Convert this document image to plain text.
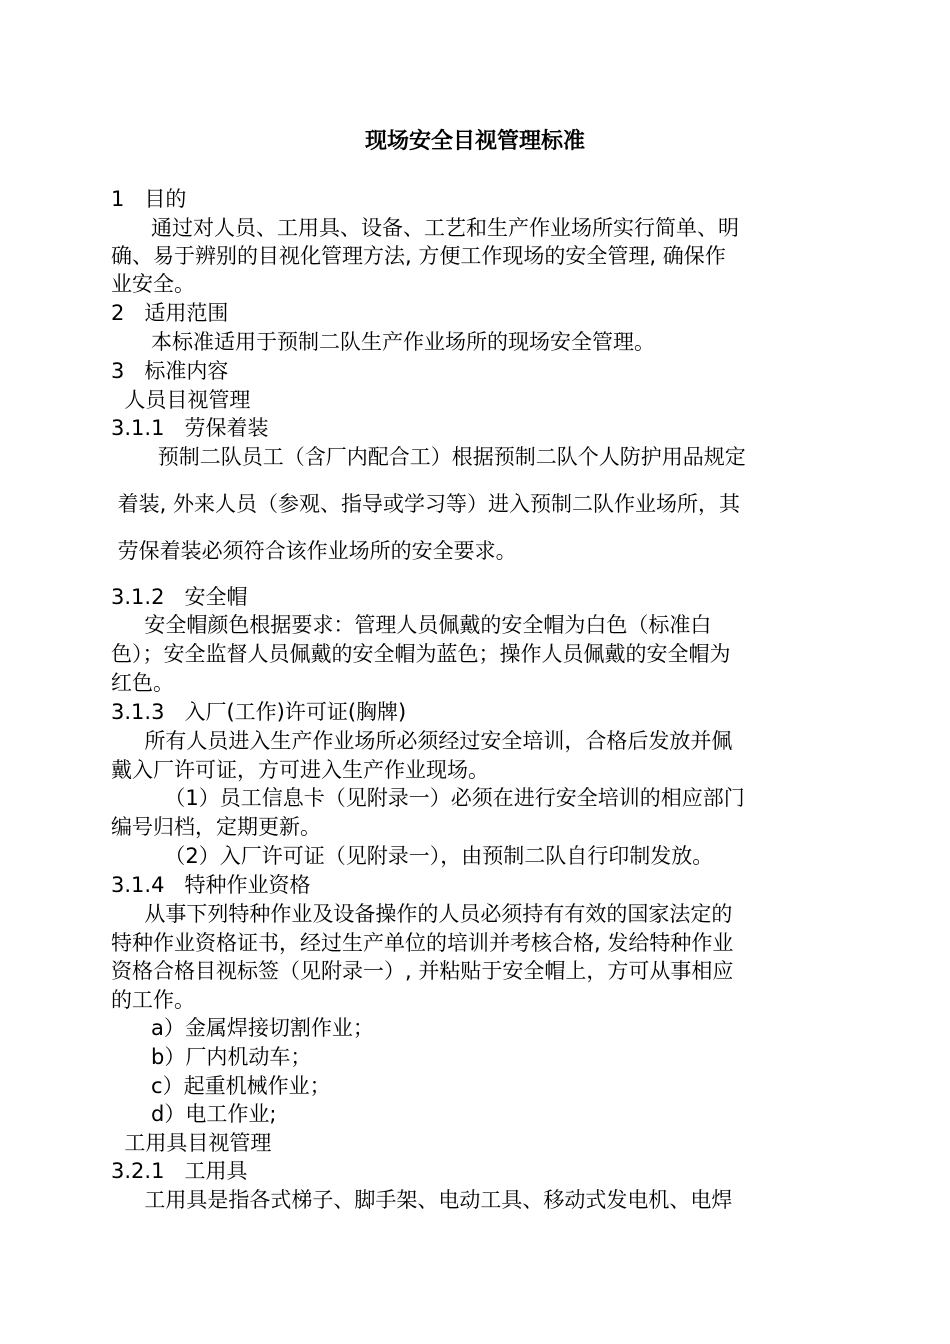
现场安全目视管理标准
1   目的
通过对人员、工用具、设备、工艺和生产作业场所实行简单、明
确、易于辨别的目视化管理方法, 方便工作现场的安全管理, 确保作
业安全。
2   适用范围
本标准适用于预制二队生产作业场所的现场安全管理。
3   标准内容
人员目视管理
3.1.1   劳保着装
预制二队员工（含厂内配合工）根据预制二队个人防护用品规定
着装, 外来人员（参观、指导或学习等）进入预制二队作业场所，其
劳保着装必须符合该作业场所的安全要求。
3.1.2   安全帽
安全帽颜色根据要求：管理人员佩戴的安全帽为白色（标准白
色）；安全监督人员佩戴的安全帽为蓝色；操作人员佩戴的安全帽为
红色。
3.1.3   入厂(工作)许可证(胸牌)
所有人员进入生产作业场所必须经过安全培训，合格后发放并佩
戴入厂许可证，方可进入生产作业现场。
（1）员工信息卡（见附录一）必须在进行安全培训的相应部门
编号归档，定期更新。
（2）入厂许可证（见附录一），由预制二队自行印制发放。
3.1.4   特种作业资格
从事下列特种作业及设备操作的人员必须持有有效的国家法定的
特种作业资格证书，经过生产单位的培训并考核合格, 发给特种作业
资格合格目视标签（见附录一）, 并粘贴于安全帽上，方可从事相应
的工作。
a）金属焊接切割作业；
b）厂内机动车；
c）起重机械作业；
d）电工作业;
工用具目视管理
3.2.1   工用具
工用具是指各式梯子、脚手架、电动工具、移动式发电机、电焊
